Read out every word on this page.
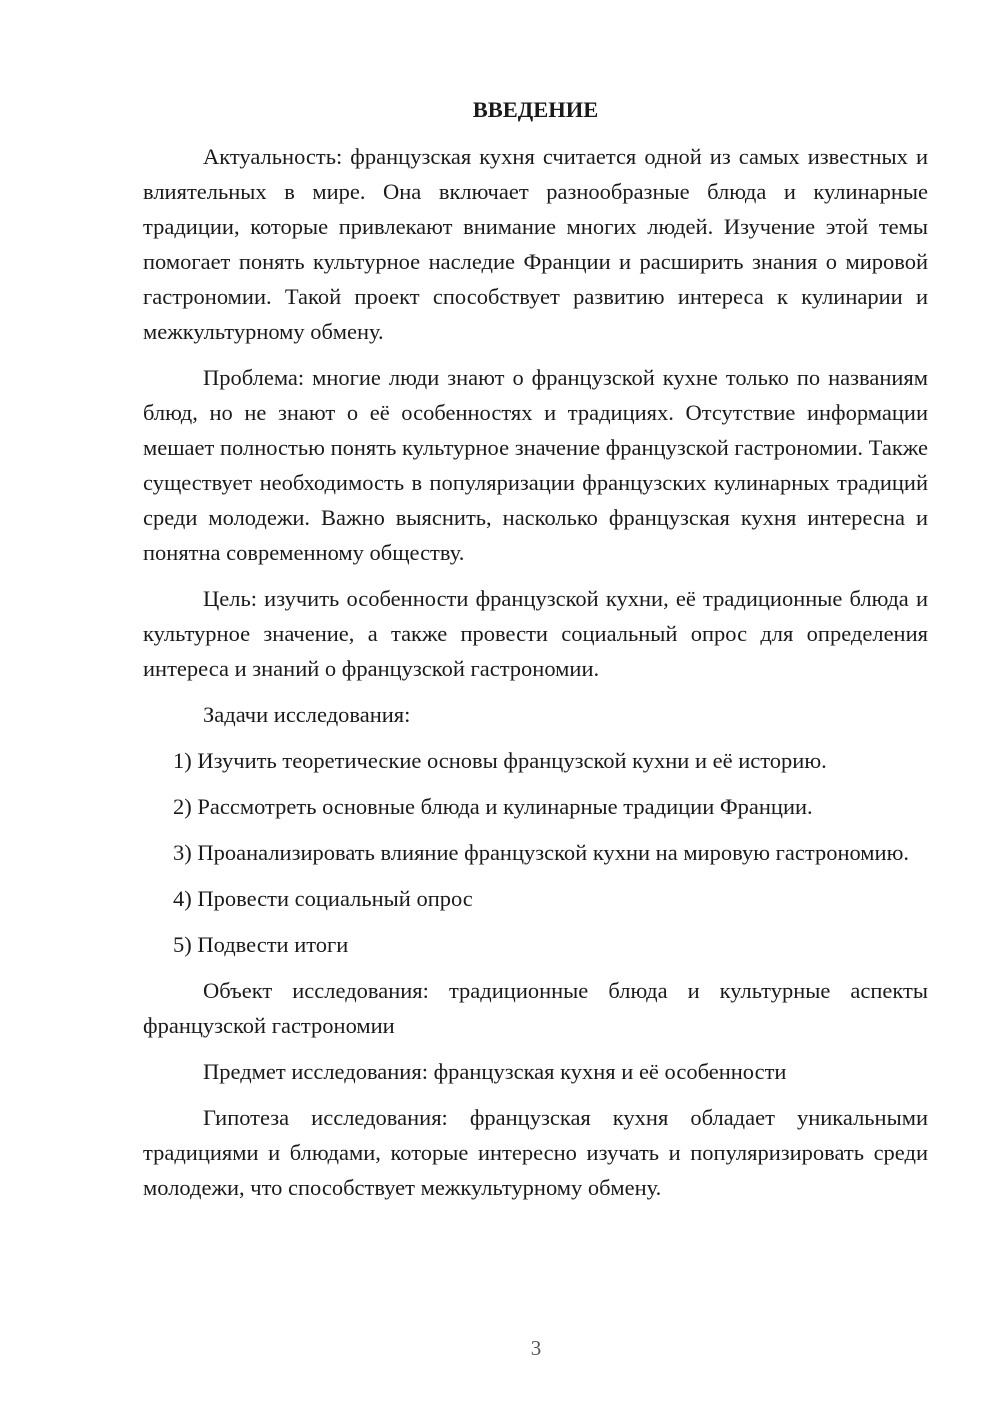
ВВЕДЕНИЕ

Актуальность: французская кухня считается одной из самых известных и влиятельных в мире. Она включает разнообразные блюда и кулинарные традиции, которые привлекают внимание многих людей. Изучение этой темы помогает понять культурное наследие Франции и расширить знания о мировой гастрономии. Такой проект способствует развитию интереса к кулинарии и межкультурному обмену.

Проблема: многие люди знают о французской кухне только по названиям блюд, но не знают о её особенностях и традициях. Отсутствие информации мешает полностью понять культурное значение французской гастрономии. Также существует необходимость в популяризации французских кулинарных традиций среди молодежи. Важно выяснить, насколько французская кухня интересна и понятна современному обществу.

Цель: изучить особенности французской кухни, её традиционные блюда и культурное значение, а также провести социальный опрос для определения интереса и знаний о французской гастрономии.

Задачи исследования:

1) Изучить теоретические основы французской кухни и её историю.

2) Рассмотреть основные блюда и кулинарные традиции Франции.

3) Проанализировать влияние французской кухни на мировую гастрономию.

4) Провести социальный опрос

5) Подвести итоги

Объект исследования: традиционные блюда и культурные аспекты французской гастрономии

Предмет исследования: французская кухня и её особенности

Гипотеза исследования: французская кухня обладает уникальными традициями и блюдами, которые интересно изучать и популяризировать среди молодежи, что способствует межкультурному обмену.

3
